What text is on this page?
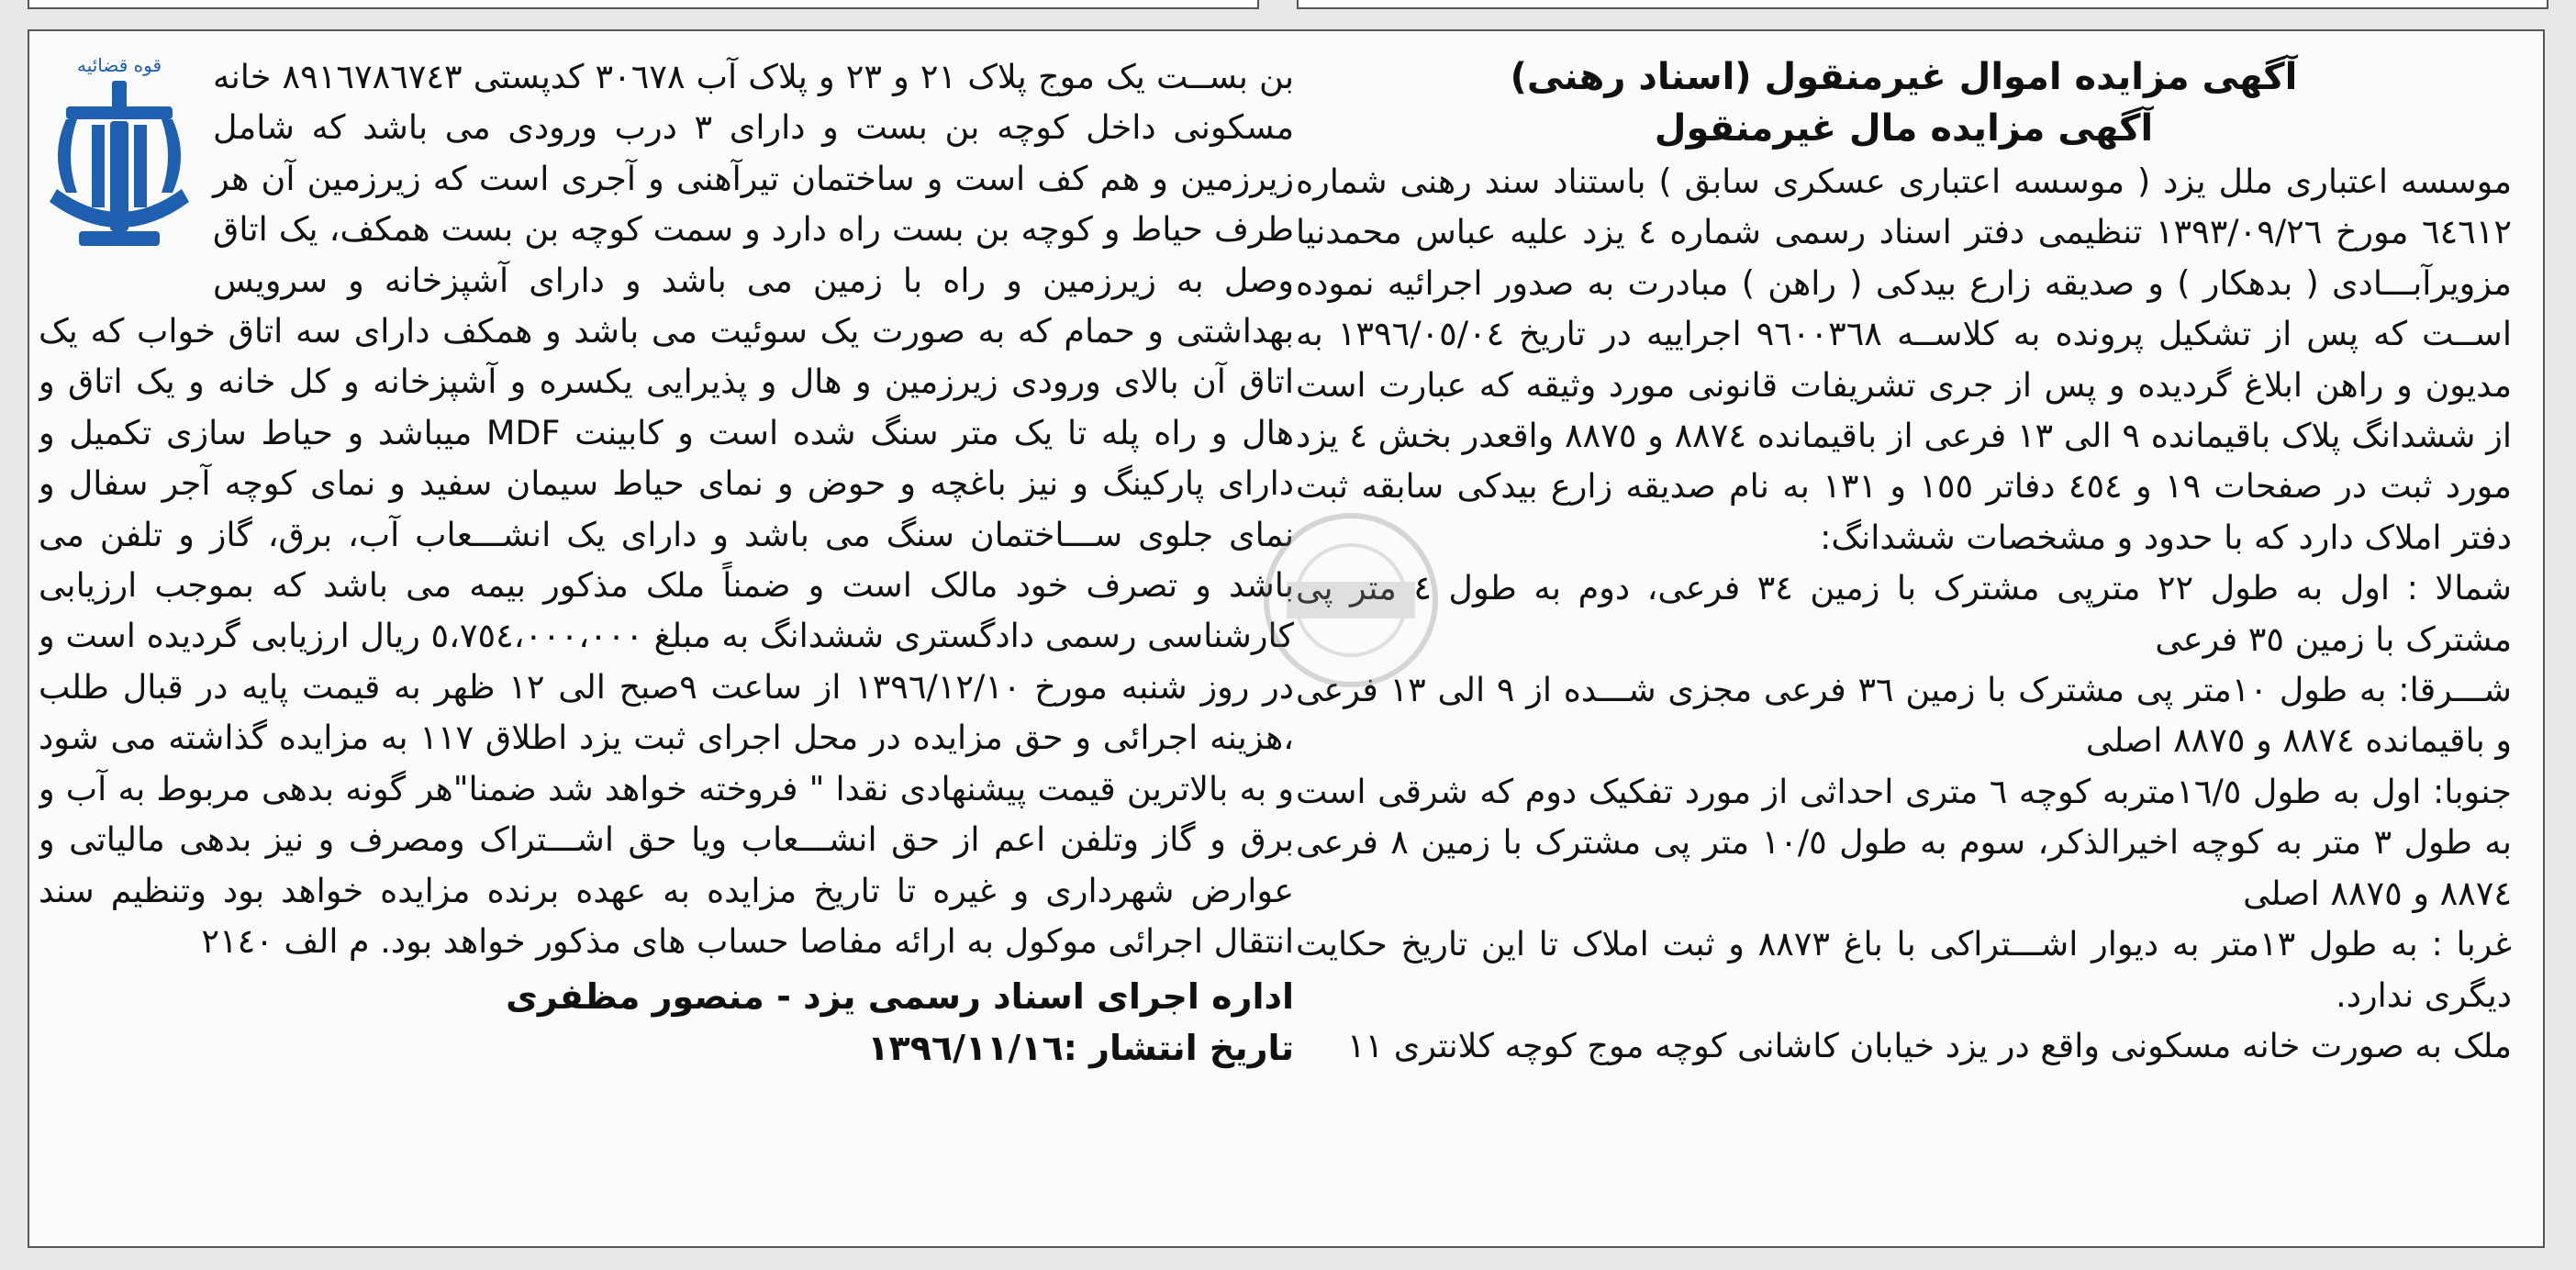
آگهی مزایده اموال غیرمنقول (اسناد رهنی)
آگهی مزایده مال غیرمنقول

موسسه اعتباری ملل یزد ( موسسه اعتباری عسکری سابق ) باستناد سند رهنی شماره ٦٤٦١٢ مورخ ١٣٩٣/٠٩/٢٦ تنظیمی دفتر اسناد رسمی شماره ٤ یزد علیه عباس محمدنیا مزویرآبـــادی ( بدهکار ) و صدیقه زارع بیدکی ( راهن ) مبادرت به صدور اجرائیه نموده اســت که پس از تشکیل پرونده به کلاســه ٩٦٠٠٣٦٨ اجراییه در تاریخ ١٣٩٦/٠٥/٠٤ به مدیون و راهن ابلاغ گردیده و پس از جری تشریفات قانونی مورد وثیقه که عبارت است از ششدانگ پلاک باقیمانده ٩ الی ١٣ فرعی از باقیمانده ٨٨٧٤ و ٨٨٧٥ واقعدر بخش ٤ یزد مورد ثبت در صفحات ١٩ و ٤٥٤ دفاتر ١٥٥ و ١٣١ به نام صدیقه زارع بیدکی سابقه ثبت دفتر املاک دارد که با حدود و مشخصات ششدانگ:

شمالا : اول به طول ٢٢ مترپی مشترک با زمین ٣٤ فرعی، دوم به طول ٤ متر پی مشترک با زمین ٣٥ فرعی

شـــرقا: به طول ١٠متر پی مشترک با زمین ٣٦ فرعی مجزی شـــده از ٩ الی ١٣ فرعی و باقیمانده ٨٨٧٤ و ٨٨٧٥ اصلی

جنوبا: اول به طول ١٦/٥متربه کوچه ٦ متری احداثی از مورد تفکیک دوم که شرقی است به طول ٣ متر به کوچه اخیرالذکر، سوم به طول ١٠/٥ متر پی مشترک با زمین ٨ فرعی ٨٨٧٤ و ٨٨٧٥ اصلی

غربا : به طول ١٣متر به دیوار اشـــتراکی با باغ ٨٨٧٣ و ثبت املاک تا این تاریخ حکایت دیگری ندارد.

ملک به صورت خانه مسکونی واقع در یزد خیابان کاشانی کوچه موج کوچه کلانتری ١١

قوه قضائیه	بن بســت یک موج پلاک ٢١ و ٢٣ و پلاک آب ٣٠٦٧٨ کدپستی ٨٩١٦٧٨٦٧٤٣ خانه مسکونی داخل کوچه بن بست و دارای ٣ درب ورودی می باشد که شامل زیرزمین و هم کف است و ساختمان تیرآهنی و آجری است که زیرزمین آن هر طرف حیاط و کوچه بن بست راه دارد و سمت کوچه بن بست همکف، یک اتاق وصل به زیرزمین و راه با زمین می باشد و دارای آشپزخانه و سرویس بهداشتی و حمام که به صورت یک سوئیت می باشد و همکف دارای سه اتاق خواب که یک اتاق آن بالای ورودی زیرزمین و هال و پذیرایی یکسره و آشپزخانه و کل خانه و یک اتاق و هال و راه پله تا یک متر سنگ شده است و کابینت MDF میباشد و حیاط سازی تکمیل و دارای پارکینگ و نیز باغچه و حوض و نمای حیاط سیمان سفید و نمای کوچه آجر سفال و نمای جلوی ســـاختمان سنگ می باشد و دارای یک انشـــعاب آب، برق، گاز و تلفن می باشد و تصرف خود مالک است و ضمناً ملک مذکور بیمه می باشد که بموجب ارزیابی کارشناسی رسمی دادگستری ششدانگ به مبلغ ٥،٧٥٤،٠٠٠،٠٠٠ ریال ارزیابی گردیده است و در روز شنبه مورخ ١٣٩٦/١٢/١٠ از ساعت ٩صبح الی ١٢ ظهر به قیمت پایه در قبال طلب ،هزینه اجرائی و حق مزایده در محل اجرای ثبت یزد اطلاق ١١٧ به مزایده گذاشته می شود و به بالاترین قیمت پیشنهادی نقدا " فروخته خواهد شد ضمنا"هر گونه بدهی مربوط به آب و برق و گاز وتلفن اعم از حق انشـــعاب ویا حق اشـــتراک ومصرف و نیز بدهی مالیاتی و عوارض شهرداری و غیره تا تاریخ مزایده به عهده برنده مزایده خواهد بود وتنظیم سند انتقال اجرائی موکول به ارائه مفاصا حساب های مذکور خواهد بود. م الف ٢١٤٠

اداره اجرای اسناد رسمی یزد - منصور مظفری

تاریخ انتشار :١٣٩٦/١١/١٦
